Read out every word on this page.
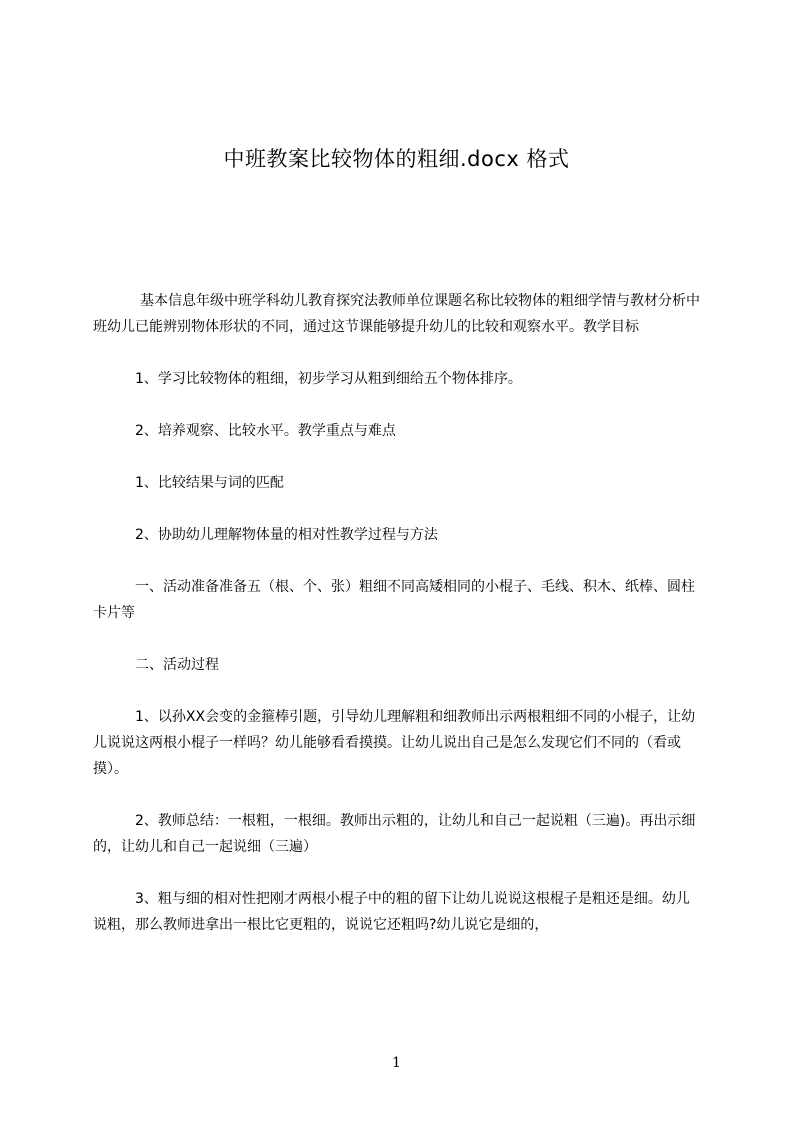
中班教案比较物体的粗细.docx 格式

基本信息年级中班学科幼儿教育探究法教师单位课题名称比较物体的粗细学情与教材分析中班幼儿已能辨别物体形状的不同，通过这节课能够提升幼儿的比较和观察水平。教学目标

1、学习比较物体的粗细，初步学习从粗到细给五个物体排序。

2、培养观察、比较水平。教学重点与难点

1、比较结果与词的匹配

2、协助幼儿理解物体量的相对性教学过程与方法

一、活动准备准备五（根、个、张）粗细不同高矮相同的小棍子、毛线、积木、纸棒、圆柱卡片等

二、活动过程

1、以孙XX会变的金箍棒引题，引导幼儿理解粗和细教师出示两根粗细不同的小棍子，让幼儿说说这两根小棍子一样吗？幼儿能够看看摸摸。让幼儿说出自己是怎么发现它们不同的（看或摸）。

2、教师总结：一根粗，一根细。教师出示粗的，让幼儿和自己一起说粗（三遍)。再出示细的，让幼儿和自己一起说细（三遍）

3、粗与细的相对性把刚才两根小棍子中的粗的留下让幼儿说说这根棍子是粗还是细。幼儿说粗，那么教师进拿出一根比它更粗的，说说它还粗吗?幼儿说它是细的，

1
